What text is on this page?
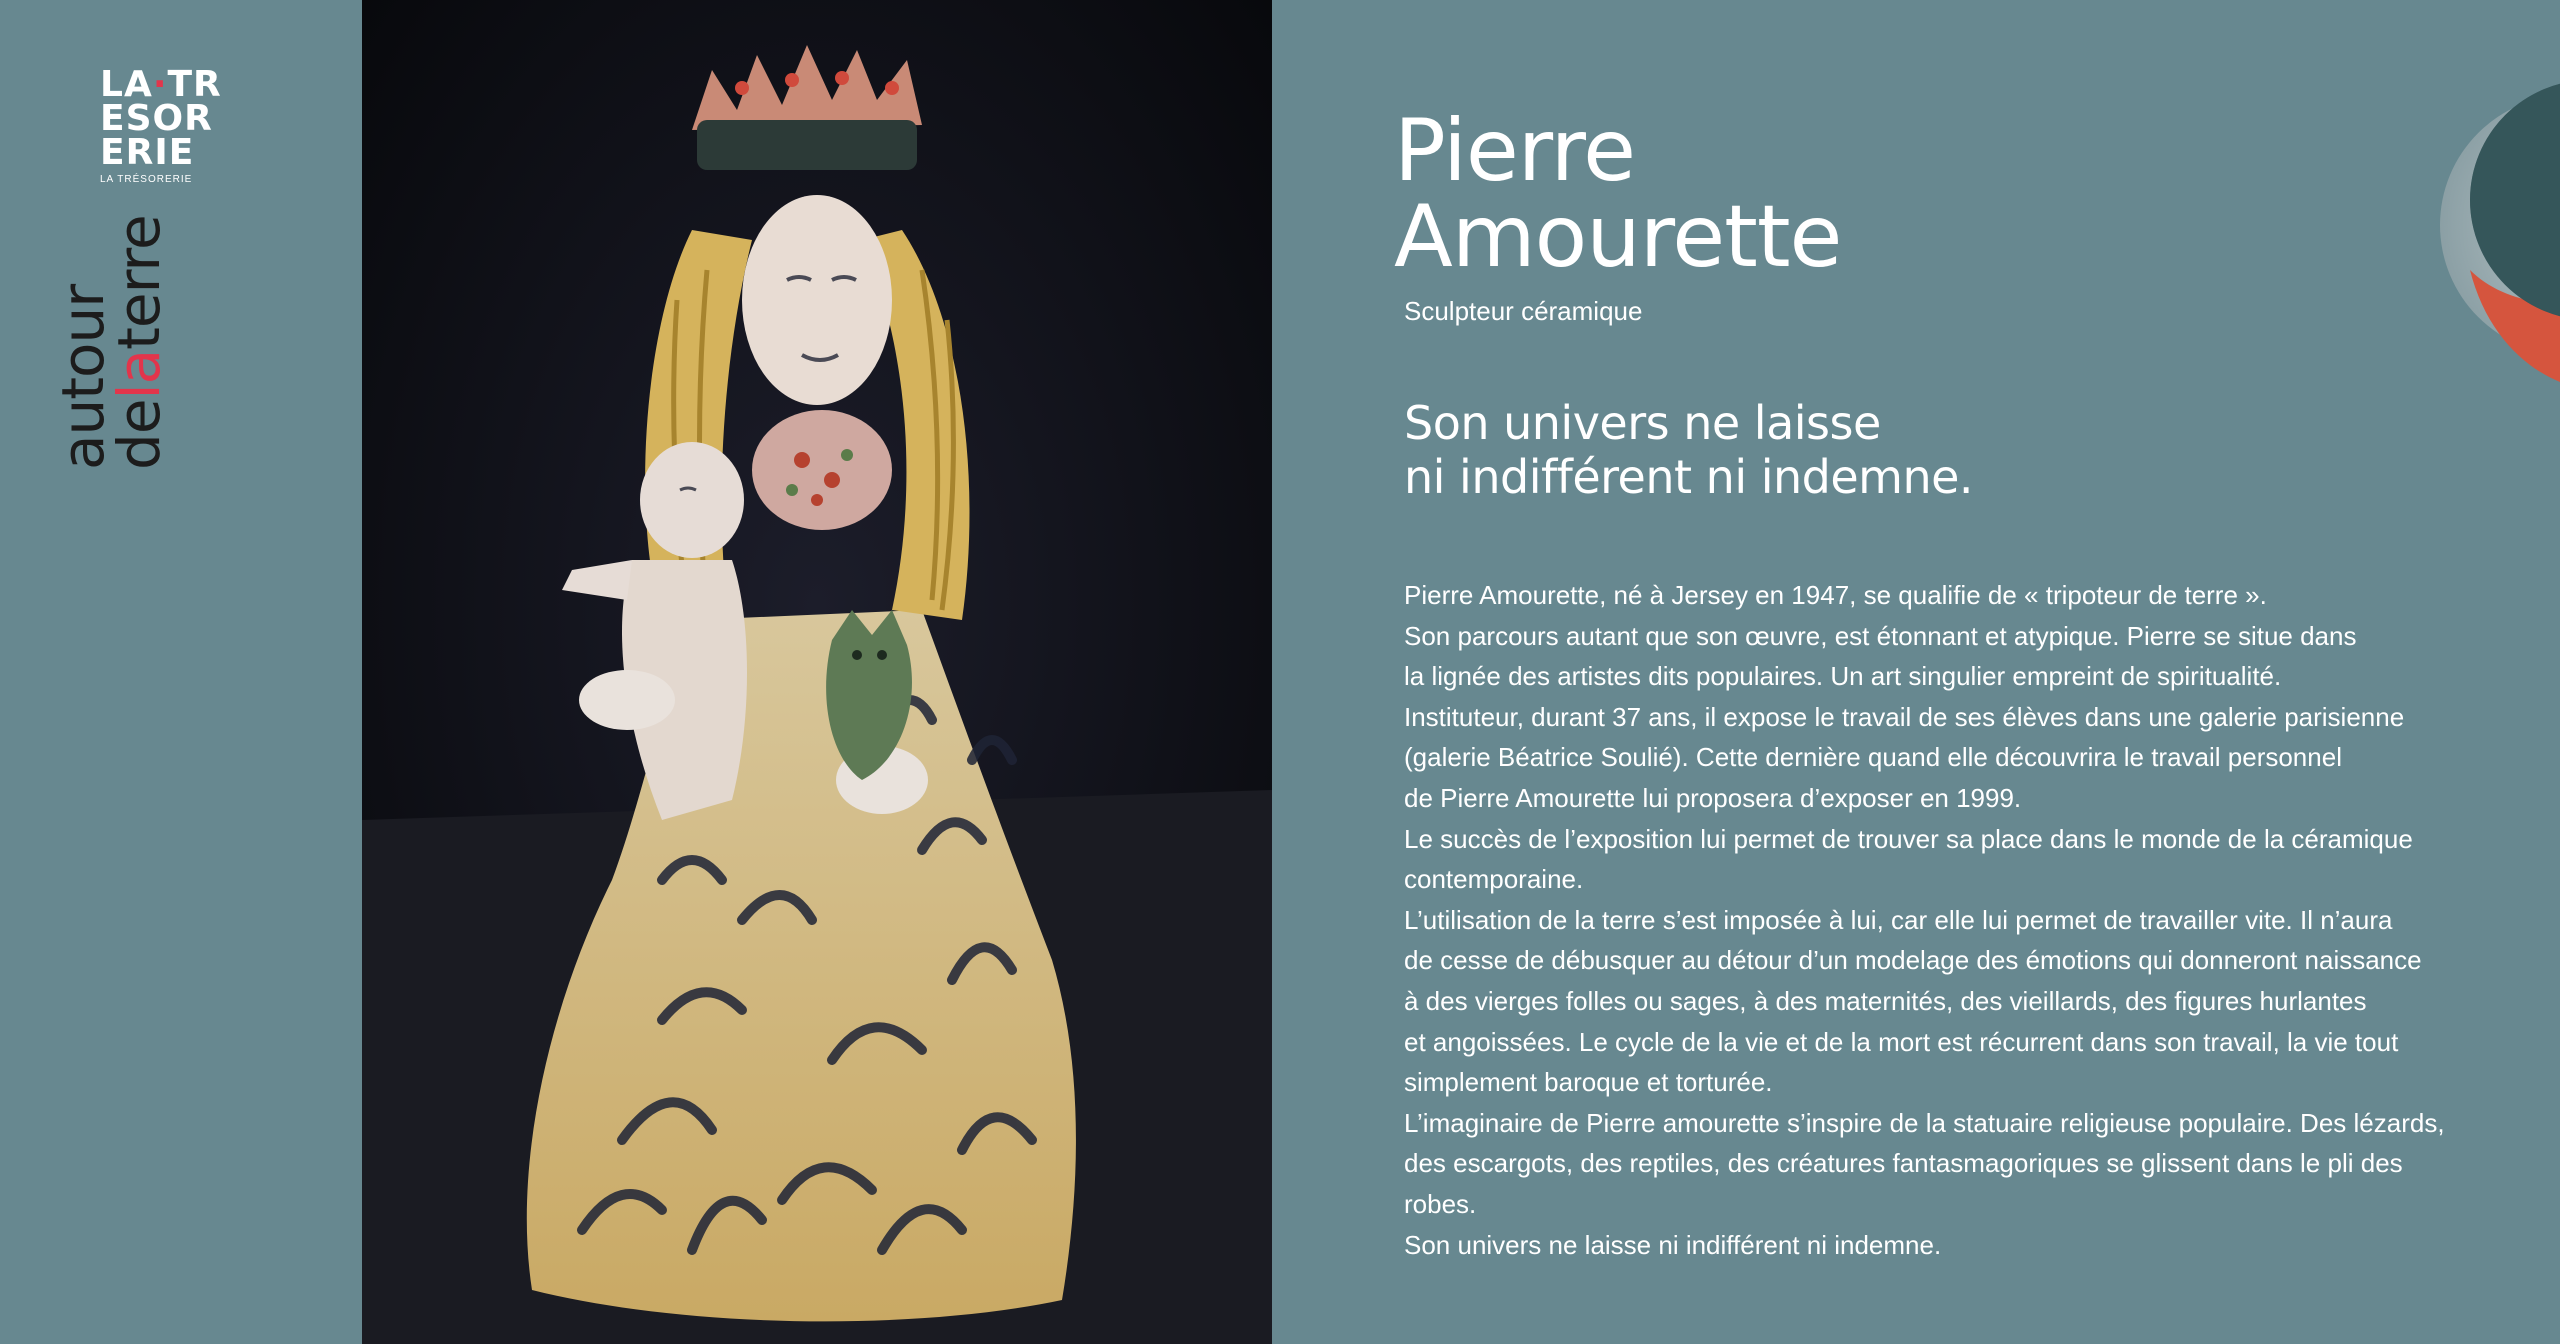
LA·TR
ESOR
ERIE
LA TRÉSORERIE
autour
delaterre
Pierre
Amourette
Sculpteur céramique
Son univers ne laisse
ni indifférent ni indemne.
Pierre Amourette, né à Jersey en 1947, se qualifie de « tripoteur de terre ».
Son parcours autant que son œuvre, est étonnant et atypique. Pierre se situe dans
la lignée des artistes dits populaires. Un art singulier empreint de spiritualité.
Instituteur, durant 37 ans, il expose le travail de ses élèves dans une galerie parisienne
(galerie Béatrice Soulié). Cette dernière quand elle découvrira le travail personnel
de Pierre Amourette lui proposera d’exposer en 1999.
Le succès de l’exposition lui permet de trouver sa place dans le monde de la céramique
contemporaine.
L’utilisation de la terre s’est imposée à lui, car elle lui permet de travailler vite. Il n’aura
de cesse de débusquer au détour d’un modelage des émotions qui donneront naissance
à des vierges folles ou sages, à des maternités, des vieillards, des figures hurlantes
et angoissées. Le cycle de la vie et de la mort est récurrent dans son travail, la vie tout
simplement baroque et torturée.
L’imaginaire de Pierre amourette s’inspire de la statuaire religieuse populaire. Des lézards,
des escargots, des reptiles, des créatures fantasmagoriques se glissent dans le pli des
robes.
Son univers ne laisse ni indifférent ni indemne.
